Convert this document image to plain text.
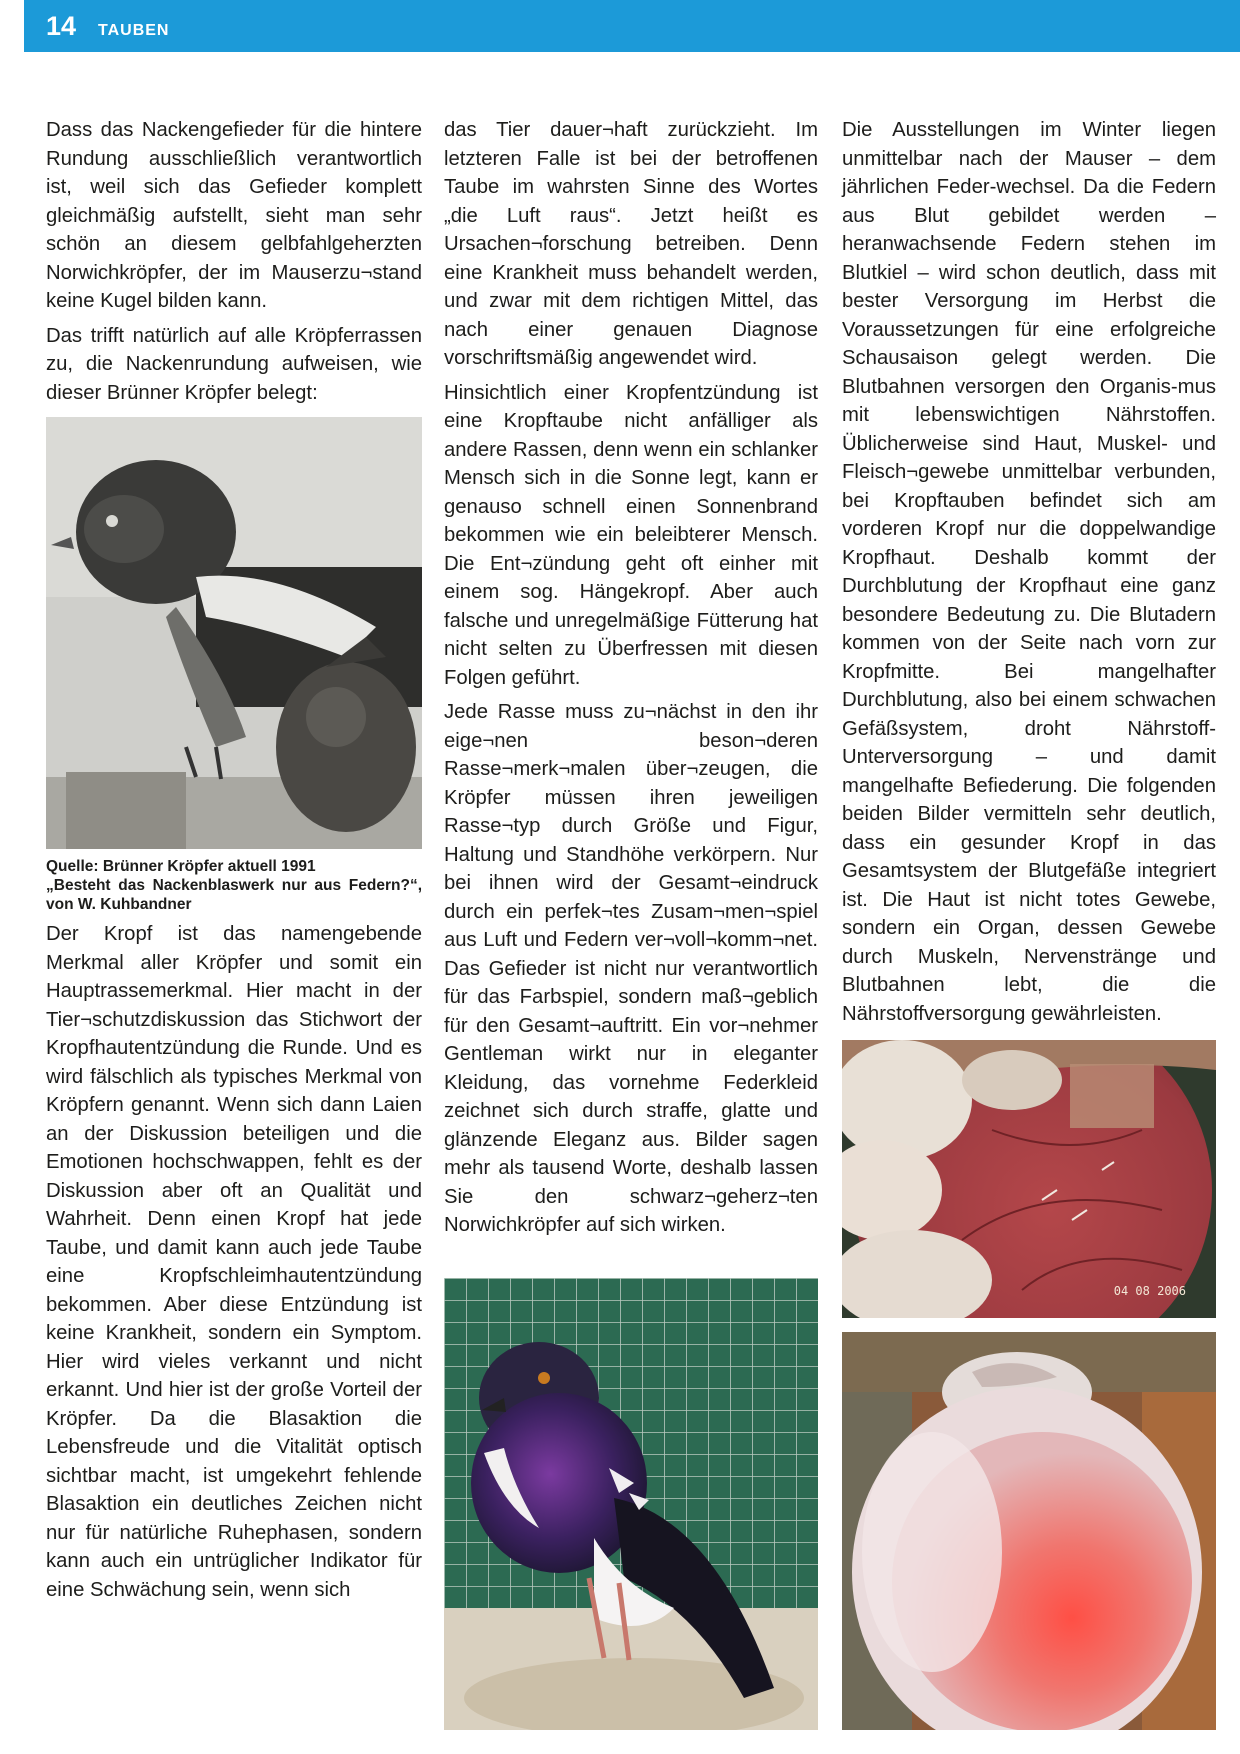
14 TAUBEN

Dass das Nackengefieder für die hintere Rundung ausschließlich verantwortlich ist, weil sich das Gefieder komplett gleichmäßig aufstellt, sieht man sehr schön an diesem gelbfahlgeherzten Norwichkröpfer, der im Mauserzu¬stand keine Kugel bilden kann.

Das trifft natürlich auf alle Kröpferrassen zu, die Nackenrundung aufweisen, wie dieser Brünner Kröpfer belegt:

Quelle: Brünner Kröpfer aktuell 1991
„Besteht das Nackenblaswerk nur aus Federn?“, von W. Kuhbandner

Der Kropf ist das namengebende Merkmal aller Kröpfer und somit ein Hauptrassemerkmal. Hier macht in der Tier¬schutzdiskussion das Stichwort der Kropfhautentzündung die Runde. Und es wird fälschlich als typisches Merkmal von Kröpfern genannt. Wenn sich dann Laien an der Diskussion beteiligen und die Emotionen hochschwappen, fehlt es der Diskussion aber oft an Qualität und Wahrheit. Denn einen Kropf hat jede Taube, und damit kann auch jede Taube eine Kropfschleimhautentzündung bekommen. Aber diese Entzündung ist keine Krankheit, sondern ein Symptom. Hier wird vieles verkannt und nicht erkannt. Und hier ist der große Vorteil der Kröpfer. Da die Blasaktion die Lebensfreude und die Vitalität optisch sichtbar macht, ist umgekehrt fehlende Blasaktion ein deutliches Zeichen nicht nur für natürliche Ruhephasen, sondern kann auch ein untrüglicher Indikator für eine Schwächung sein, wenn sich

das Tier dauer¬haft zurückzieht. Im letzteren Falle ist bei der betroffenen Taube im wahrsten Sinne des Wortes „die Luft raus“. Jetzt heißt es Ursachen¬forschung betreiben. Denn eine Krankheit muss behandelt werden, und zwar mit dem richtigen Mittel, das nach einer genauen Diagnose vorschriftsmäßig angewendet wird.

Hinsichtlich einer Kropfentzündung ist eine Kropftaube nicht anfälliger als andere Rassen, denn wenn ein schlanker Mensch sich in die Sonne legt, kann er genauso schnell einen Sonnenbrand bekommen wie ein beleibterer Mensch. Die Ent¬zündung geht oft einher mit einem sog. Hängekropf. Aber auch falsche und unregelmäßige Fütterung hat nicht selten zu Überfressen mit diesen Folgen geführt.

Jede Rasse muss zu¬nächst in den ihr eige¬nen beson¬deren Rasse¬merk¬malen über¬zeugen, die Kröpfer müssen ihren jeweiligen Rasse¬typ durch Größe und Figur, Haltung und Standhöhe verkörpern. Nur bei ihnen wird der Gesamt¬eindruck durch ein perfek¬tes Zusam¬men¬spiel aus Luft und Federn ver¬voll¬komm¬net. Das Gefieder ist nicht nur verantwortlich für das Farbspiel, sondern maß¬geblich für den Gesamt¬auftritt. Ein vor¬nehmer Gentleman wirkt nur in eleganter Kleidung, das vornehme Federkleid zeichnet sich durch straffe, glatte und glänzende Eleganz aus. Bilder sagen mehr als tausend Worte, deshalb lassen Sie den schwarz¬geherz¬ten Norwichkröpfer auf sich wirken.

Die Ausstellungen im Winter liegen unmittelbar nach der Mauser – dem jährlichen Feder-wechsel. Da die Federn aus Blut gebildet werden – heranwachsende Federn stehen im Blutkiel – wird schon deutlich, dass mit bester Versorgung im Herbst die Voraussetzungen für eine erfolgreiche Schausaison gelegt werden. Die Blutbahnen versorgen den Organis-mus mit lebenswichtigen Nährstoffen. Üblicherweise sind Haut, Muskel- und Fleisch¬gewebe unmittelbar verbunden, bei Kropftauben befindet sich am vorderen Kropf nur die doppelwandige Kropfhaut. Deshalb kommt der Durchblutung der Kropfhaut eine ganz besondere Bedeutung zu. Die Blutadern kommen von der Seite nach vorn zur Kropfmitte. Bei mangelhafter Durchblutung, also bei einem schwachen Gefäßsystem, droht Nährstoff-Unterversorgung – und damit mangelhafte Befiederung. Die folgenden beiden Bilder vermitteln sehr deutlich, dass ein gesunder Kropf in das Gesamtsystem der Blutgefäße integriert ist. Die Haut ist nicht totes Gewebe, sondern ein Organ, dessen Gewebe durch Muskeln, Nervenstränge und Blutbahnen lebt, die die Nährstoffversorgung gewährleisten.

04 08 2006
